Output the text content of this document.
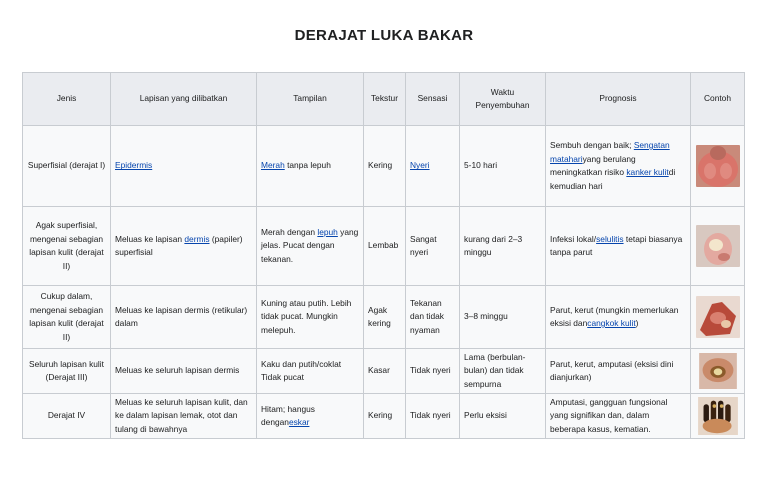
DERAJAT LUKA BAKAR
Jenis	Lapisan yang dilibatkan	Tampilan	Tekstur	Sensasi	Waktu Penyembuhan	Prognosis	Contoh
Superfisial (derajat I)	Epidermis	Merah tanpa lepuh	Kering	Nyeri	5-10 hari	Sembuh dengan baik; Sengatan matahariyang berulang meningkatkan risiko kanker kulitdi kemudian hari	

Agak superfisial, mengenai sebagian lapisan kulit (derajat II)	Meluas ke lapisan dermis (papiler) superfisial	Merah dengan lepuh yang jelas. Pucat dengan tekanan.	Lembab	Sangat nyeri	kurang dari 2–3 minggu	Infeksi lokal/selulitis tetapi biasanya tanpa parut	

Cukup dalam, mengenai sebagian lapisan kulit (derajat II)	Meluas ke lapisan dermis (retikular) dalam	Kuning atau putih. Lebih tidak pucat. Mungkin melepuh.	Agak kering	Tekanan dan tidak nyaman	3–8 minggu	Parut, kerut (mungkin memerlukan eksisi dancangkok kulit)	

Seluruh lapisan kulit (Derajat III)	Meluas ke seluruh lapisan dermis	Kaku dan putih/coklat Tidak pucat	Kasar	Tidak nyeri	Lama (berbulan-bulan) dan tidak sempurna	Parut, kerut, amputasi (eksisi dini dianjurkan)	

Derajat IV	Meluas ke seluruh lapisan kulit, dan ke dalam lapisan lemak, otot dan tulang di bawahnya	Hitam; hangus denganeskar	Kering	Tidak nyeri	Perlu eksisi	Amputasi, gangguan fungsional yang signifikan dan, dalam beberapa kasus, kematian.	
